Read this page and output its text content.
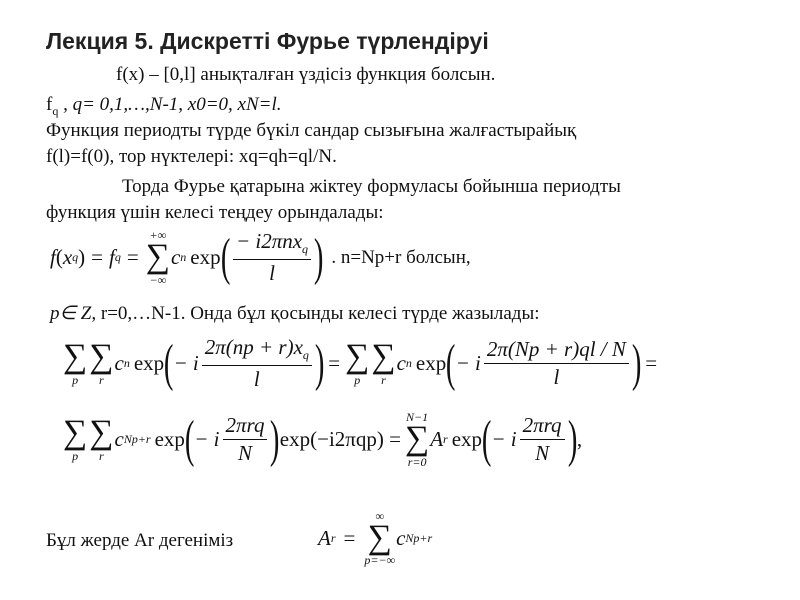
Лекция 5. Дискретті Фурье түрлендіруі
f(x) – [0,l] анықталған үздісіз функция болсын.
$f_q$ , q= 0,1,…,N-1, x0=0, xN=l.
Функция периодты түрде бүкіл сандар сызығына жалғастырайық
f(l)=f(0), тор нүктелері: xq=qh=ql/N.
Торда Фурье қатарына жіктеу формуласы бойынша периодты
функция үшін келесі теңдеу орындалады:
f ( x q ) = f q =
+∞
∑
−∞
c n exp ( $\frac{- i2\pi nx_q}{l}$ ) . n=Np+r болсын,
p∈ Z, r=0,…N-1. Онда бұл қосынды келесі түрде жазылады:
∑
p
∑
r
c n exp ( − i $\frac{2\pi(np + r)x_q}{l}$ ) = ∑
p
∑
r
c n exp ( − i $\frac{2\pi(Np + r)ql / N}{l}$ ) =
∑
p
∑
r
c Np+r exp ( − i $\frac{\text{2πrq}}{N}$ ) exp(−i2πqp) =
N−1
∑
r=0
A r exp ( − i $\frac{\text{2πrq}}{N}$ ) ,
Бұл жерде Ar дегеніміз	A r =
∞
∑
p=−∞
c Np+r
